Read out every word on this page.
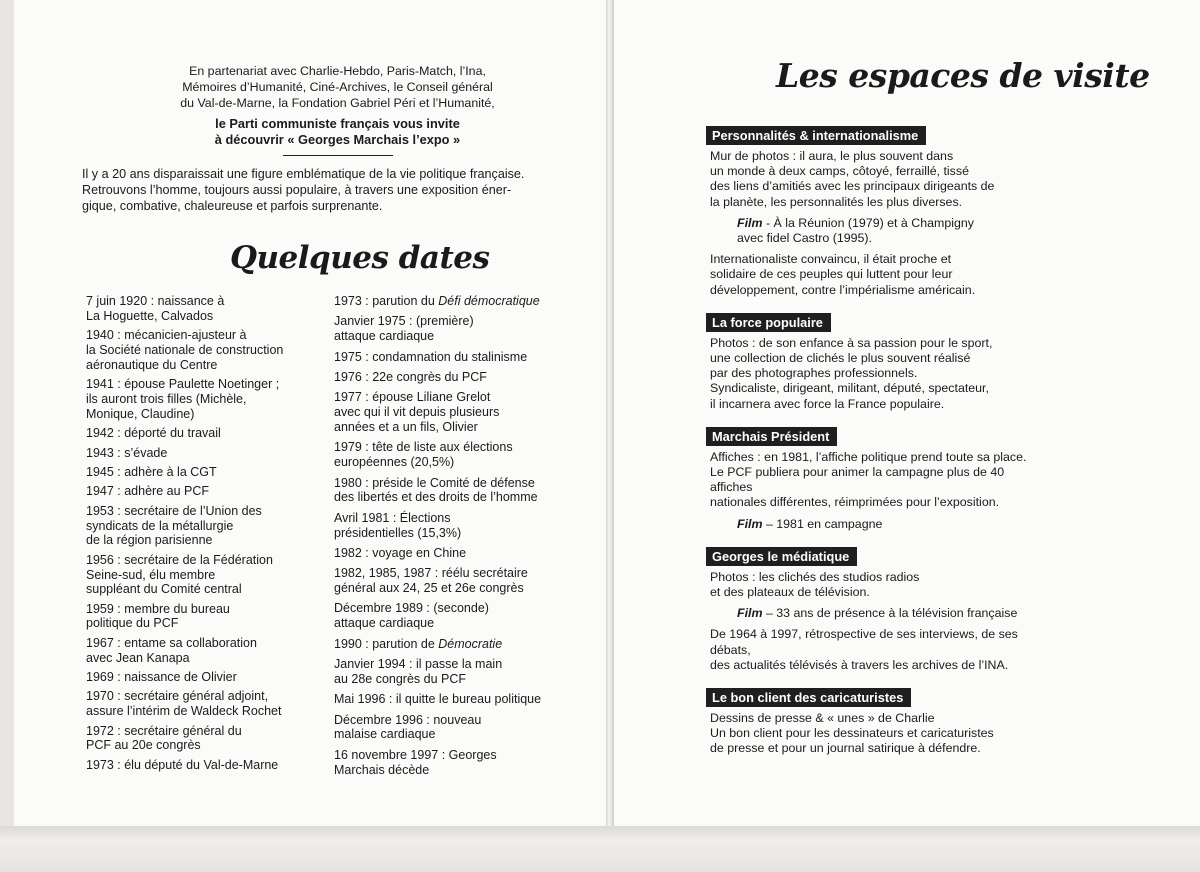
En partenariat avec Charlie-Hebdo, Paris-Match, l’Ina,
Mémoires d’Humanité, Ciné-Archives, le Conseil général
du Val-de-Marne, la Fondation Gabriel Péri et l’Humanité,
le Parti communiste français vous invite
à découvrir « Georges Marchais l’expo »
Il y a 20 ans disparaissait une figure emblématique de la vie politique française.
Retrouvons l’homme, toujours aussi populaire, à travers une exposition éner-
gique, combative, chaleureuse et parfois surprenante.
Quelques dates
7 juin 1920 : naissance à
La Hoguette, Calvados
1940 : mécanicien-ajusteur à
la Société nationale de construction
aéronautique du Centre
1941 : épouse Paulette Noetinger ;
ils auront trois filles (Michèle,
Monique, Claudine)
1942 : déporté du travail
1943 : s’évade
1945 : adhère à la CGT
1947 : adhère au PCF
1953 : secrétaire de l’Union des
syndicats de la métallurgie
de la région parisienne
1956 : secrétaire de la Fédération
Seine-sud, élu membre
suppléant du Comité central
1959 : membre du bureau
politique du PCF
1967 : entame sa collaboration
avec Jean Kanapa
1969 : naissance de Olivier
1970 : secrétaire général adjoint,
assure l’intérim de Waldeck Rochet
1972 : secrétaire général du
PCF au 20e congrès
1973 : élu député du Val-de-Marne
1973 : parution du Défi démocratique
Janvier 1975 : (première)
attaque cardiaque
1975 : condamnation du stalinisme
1976 : 22e congrès du PCF
1977 : épouse Liliane Grelot
avec qui il vit depuis plusieurs
années et a un fils, Olivier
1979 : tête de liste aux élections
européennes (20,5%)
1980 : préside le Comité de défense
des libertés et des droits de l’homme
Avril 1981 : Élections
présidentielles (15,3%)
1982 : voyage en Chine
1982, 1985, 1987 : réélu secrétaire
général aux 24, 25 et 26e congrès
Décembre 1989 : (seconde)
attaque cardiaque
1990 : parution de Démocratie
Janvier 1994 : il passe la main
au 28e congrès du PCF
Mai 1996 : il quitte le bureau politique
Décembre 1996 : nouveau
malaise cardiaque
16 novembre 1997 : Georges
Marchais décède
Les espaces de visite
Personnalités & internationalisme

Mur de photos : il aura, le plus souvent dans

un monde à deux camps, côtoyé, ferraillé, tissé

des liens d’amitiés avec les principaux dirigeants de

la planète, les personnalités les plus diverses.

Film - À la Réunion (1979) et à Champigny
avec fidel Castro (1995).

Internationaliste convaincu, il était proche et

solidaire de ces peuples qui luttent pour leur

développement, contre l’impérialisme américain.

La force populaire

Photos : de son enfance à sa passion pour le sport,

une collection de clichés le plus souvent réalisé

par des photographes professionnels.

Syndicaliste, dirigeant, militant, député, spectateur,

il incarnera avec force la France populaire.

Marchais Président

Affiches : en 1981, l’affiche politique prend toute sa place.

Le PCF publiera pour animer la campagne plus de 40 affiches

nationales différentes, réimprimées pour l’exposition.

Film – 1981 en campagne

Georges le médiatique

Photos : les clichés des studios radios

et des plateaux de télévision.

Film – 33 ans de présence à la télévision française

De 1964 à 1997, rétrospective de ses interviews, de ses débats,

des actualités télévisés à travers les archives de l’INA.

Le bon client des caricaturistes

Dessins de presse & « unes » de Charlie

Un bon client pour les dessinateurs et caricaturistes

de presse et pour un journal satirique à défendre.
